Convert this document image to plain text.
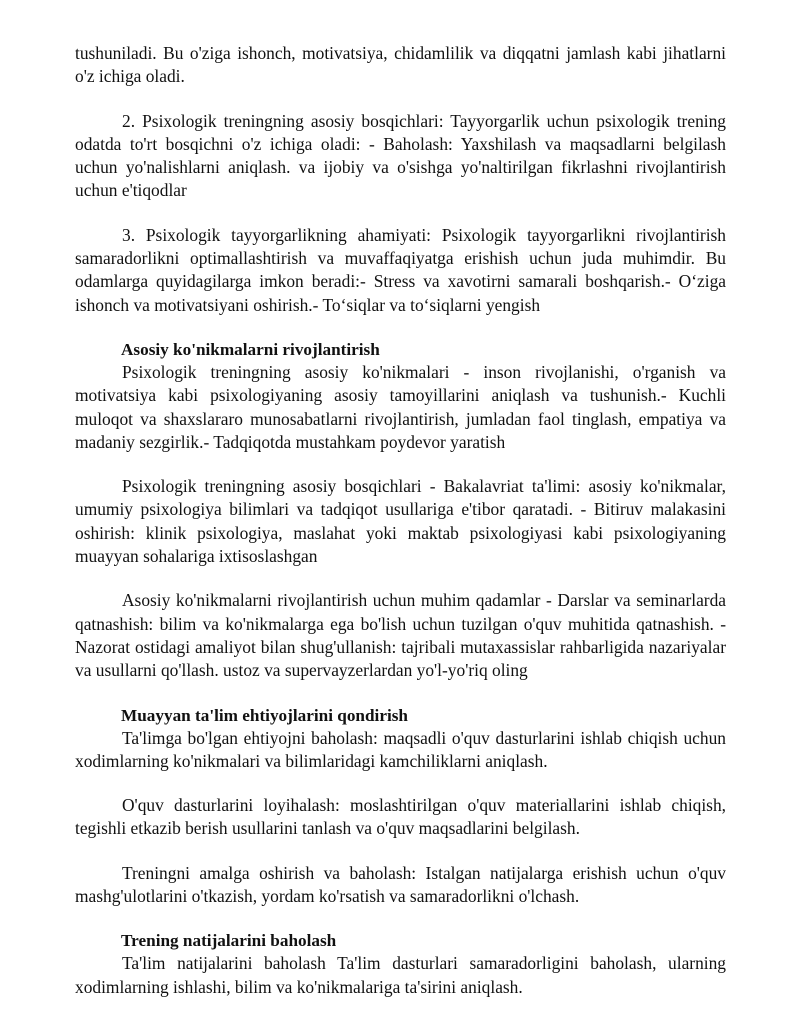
tushuniladi. Bu o'ziga ishonch, motivatsiya, chidamlilik va diqqatni jamlash kabi jihatlarni o'z ichiga oladi.

2. Psixologik treningning asosiy bosqichlari: Tayyorgarlik uchun psixologik trening odatda to'rt bosqichni o'z ichiga oladi: - Baholash: Yaxshilash va maqsadlarni belgilash uchun yo'nalishlarni aniqlash. va ijobiy va o'sishga yo'naltirilgan fikrlashni rivojlantirish uchun e'tiqodlar

3. Psixologik tayyorgarlikning ahamiyati: Psixologik tayyorgarlikni rivojlantirish samaradorlikni optimallashtirish va muvaffaqiyatga erishish uchun juda muhimdir. Bu odamlarga quyidagilarga imkon beradi:- Stress va xavotirni samarali boshqarish.- O‘ziga ishonch va motivatsiyani oshirish.- To‘siqlar va to‘siqlarni yengish

Asosiy ko'nikmalarni rivojlantirish

Psixologik treningning asosiy ko'nikmalari - inson rivojlanishi, o'rganish va motivatsiya kabi psixologiyaning asosiy tamoyillarini aniqlash va tushunish.- Kuchli muloqot va shaxslararo munosabatlarni rivojlantirish, jumladan faol tinglash, empatiya va madaniy sezgirlik.- Tadqiqotda mustahkam poydevor yaratish

Psixologik treningning asosiy bosqichlari - Bakalavriat ta'limi: asosiy ko'nikmalar, umumiy psixologiya bilimlari va tadqiqot usullariga e'tibor qaratadi. - Bitiruv malakasini oshirish: klinik psixologiya, maslahat yoki maktab psixologiyasi kabi psixologiyaning muayyan sohalariga ixtisoslashgan

Asosiy ko'nikmalarni rivojlantirish uchun muhim qadamlar - Darslar va seminarlarda qatnashish: bilim va ko'nikmalarga ega bo'lish uchun tuzilgan o'quv muhitida qatnashish. - Nazorat ostidagi amaliyot bilan shug'ullanish: tajribali mutaxassislar rahbarligida nazariyalar va usullarni qo'llash. ustoz va supervayzerlardan yo'l-yo'riq oling

Muayyan ta'lim ehtiyojlarini qondirish

Ta'limga bo'lgan ehtiyojni baholash: maqsadli o'quv dasturlarini ishlab chiqish uchun xodimlarning ko'nikmalari va bilimlaridagi kamchiliklarni aniqlash.

O'quv dasturlarini loyihalash: moslashtirilgan o'quv materiallarini ishlab chiqish, tegishli etkazib berish usullarini tanlash va o'quv maqsadlarini belgilash.

Treningni amalga oshirish va baholash: Istalgan natijalarga erishish uchun o'quv mashg'ulotlarini o'tkazish, yordam ko'rsatish va samaradorlikni o'lchash.

Trening natijalarini baholash

Ta'lim natijalarini baholash Ta'lim dasturlari samaradorligini baholash, ularning xodimlarning ishlashi, bilim va ko'nikmalariga ta'sirini aniqlash.
